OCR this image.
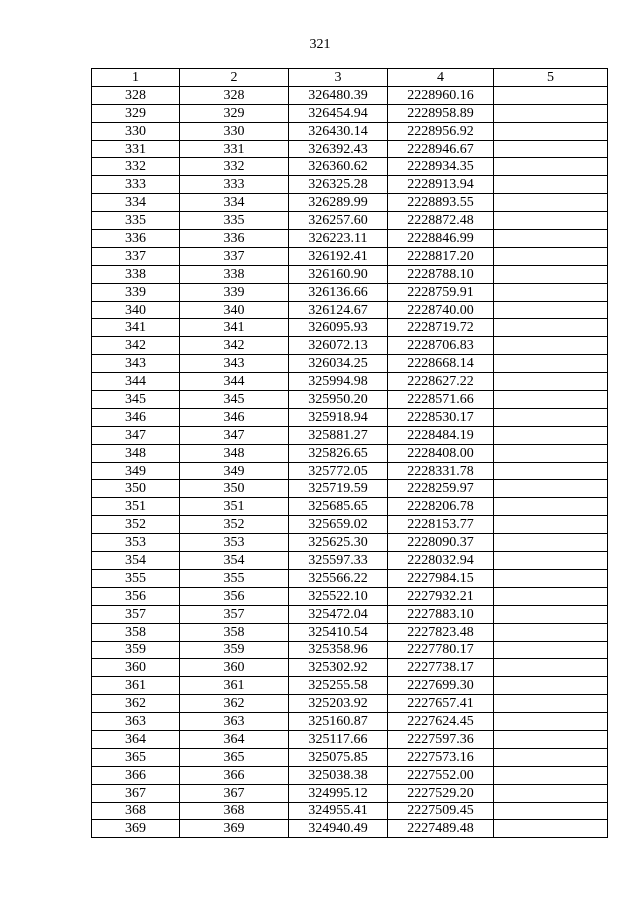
321
1	2	3	4	5
328	328	326480.39	2228960.16	
329	329	326454.94	2228958.89	
330	330	326430.14	2228956.92	
331	331	326392.43	2228946.67	
332	332	326360.62	2228934.35	
333	333	326325.28	2228913.94	
334	334	326289.99	2228893.55	
335	335	326257.60	2228872.48	
336	336	326223.11	2228846.99	
337	337	326192.41	2228817.20	
338	338	326160.90	2228788.10	
339	339	326136.66	2228759.91	
340	340	326124.67	2228740.00	
341	341	326095.93	2228719.72	
342	342	326072.13	2228706.83	
343	343	326034.25	2228668.14	
344	344	325994.98	2228627.22	
345	345	325950.20	2228571.66	
346	346	325918.94	2228530.17	
347	347	325881.27	2228484.19	
348	348	325826.65	2228408.00	
349	349	325772.05	2228331.78	
350	350	325719.59	2228259.97	
351	351	325685.65	2228206.78	
352	352	325659.02	2228153.77	
353	353	325625.30	2228090.37	
354	354	325597.33	2228032.94	
355	355	325566.22	2227984.15	
356	356	325522.10	2227932.21	
357	357	325472.04	2227883.10	
358	358	325410.54	2227823.48	
359	359	325358.96	2227780.17	
360	360	325302.92	2227738.17	
361	361	325255.58	2227699.30	
362	362	325203.92	2227657.41	
363	363	325160.87	2227624.45	
364	364	325117.66	2227597.36	
365	365	325075.85	2227573.16	
366	366	325038.38	2227552.00	
367	367	324995.12	2227529.20	
368	368	324955.41	2227509.45	
369	369	324940.49	2227489.48	
